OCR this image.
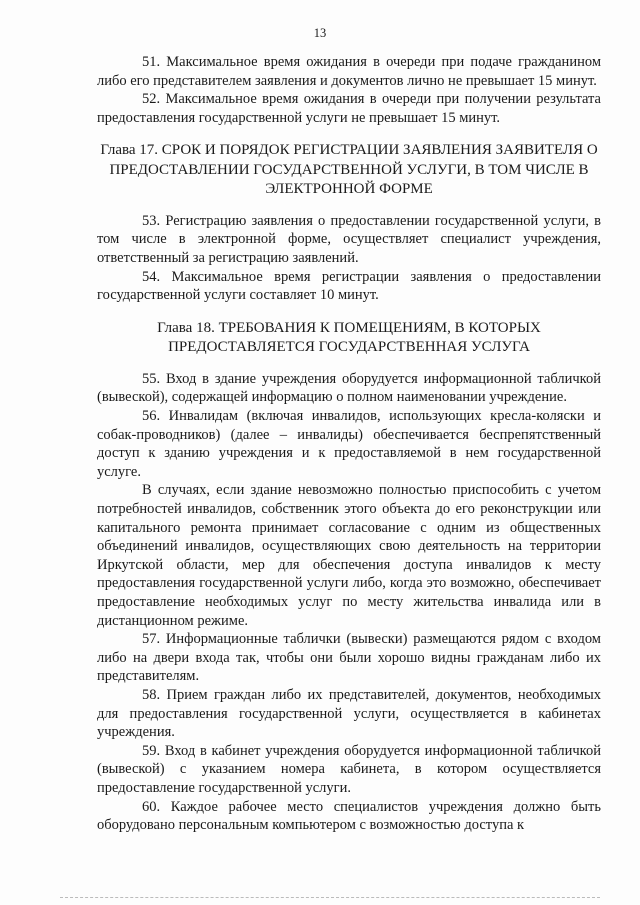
13

51. Максимальное время ожидания в очереди при подаче гражданином либо его представителем заявления и документов лично не превышает 15 минут.

52. Максимальное время ожидания в очереди при получении результата предоставления государственной услуги не превышает 15 минут.

Глава 17. СРОК И ПОРЯДОК РЕГИСТРАЦИИ ЗАЯВЛЕНИЯ ЗАЯВИТЕЛЯ О ПРЕДОСТАВЛЕНИИ ГОСУДАРСТВЕННОЙ УСЛУГИ, В ТОМ ЧИСЛЕ В ЭЛЕКТРОННОЙ ФОРМЕ

53. Регистрацию заявления о предоставлении государственной услуги, в том числе в электронной форме, осуществляет специалист учреждения, ответственный за регистрацию заявлений.

54. Максимальное время регистрации заявления о предоставлении государственной услуги составляет 10 минут.

Глава 18. ТРЕБОВАНИЯ К ПОМЕЩЕНИЯМ, В КОТОРЫХ ПРЕДОСТАВЛЯЕТСЯ ГОСУДАРСТВЕННАЯ УСЛУГА

55. Вход в здание учреждения оборудуется информационной табличкой (вывеской), содержащей информацию о полном наименовании учреждение.

56. Инвалидам (включая инвалидов, использующих кресла-коляски и собак-проводников) (далее – инвалиды) обеспечивается беспрепятственный доступ к зданию учреждения и к предоставляемой в нем государственной услуге.

В случаях, если здание невозможно полностью приспособить с учетом потребностей инвалидов, собственник этого объекта до его реконструкции или капитального ремонта принимает согласование с одним из общественных объединений инвалидов, осуществляющих свою деятельность на территории Иркутской области, мер для обеспечения доступа инвалидов к месту предоставления государственной услуги либо, когда это возможно, обеспечивает предоставление необходимых услуг по месту жительства инвалида или в дистанционном режиме.

57. Информационные таблички (вывески) размещаются рядом с входом либо на двери входа так, чтобы они были хорошо видны гражданам либо их представителям.

58. Прием граждан либо их представителей, документов, необходимых для предоставления государственной услуги, осуществляется в кабинетах учреждения.

59. Вход в кабинет учреждения оборудуется информационной табличкой (вывеской) с указанием номера кабинета, в котором осуществляется предоставление государственной услуги.

60. Каждое рабочее место специалистов учреждения должно быть оборудовано персональным компьютером с возможностью доступа к
